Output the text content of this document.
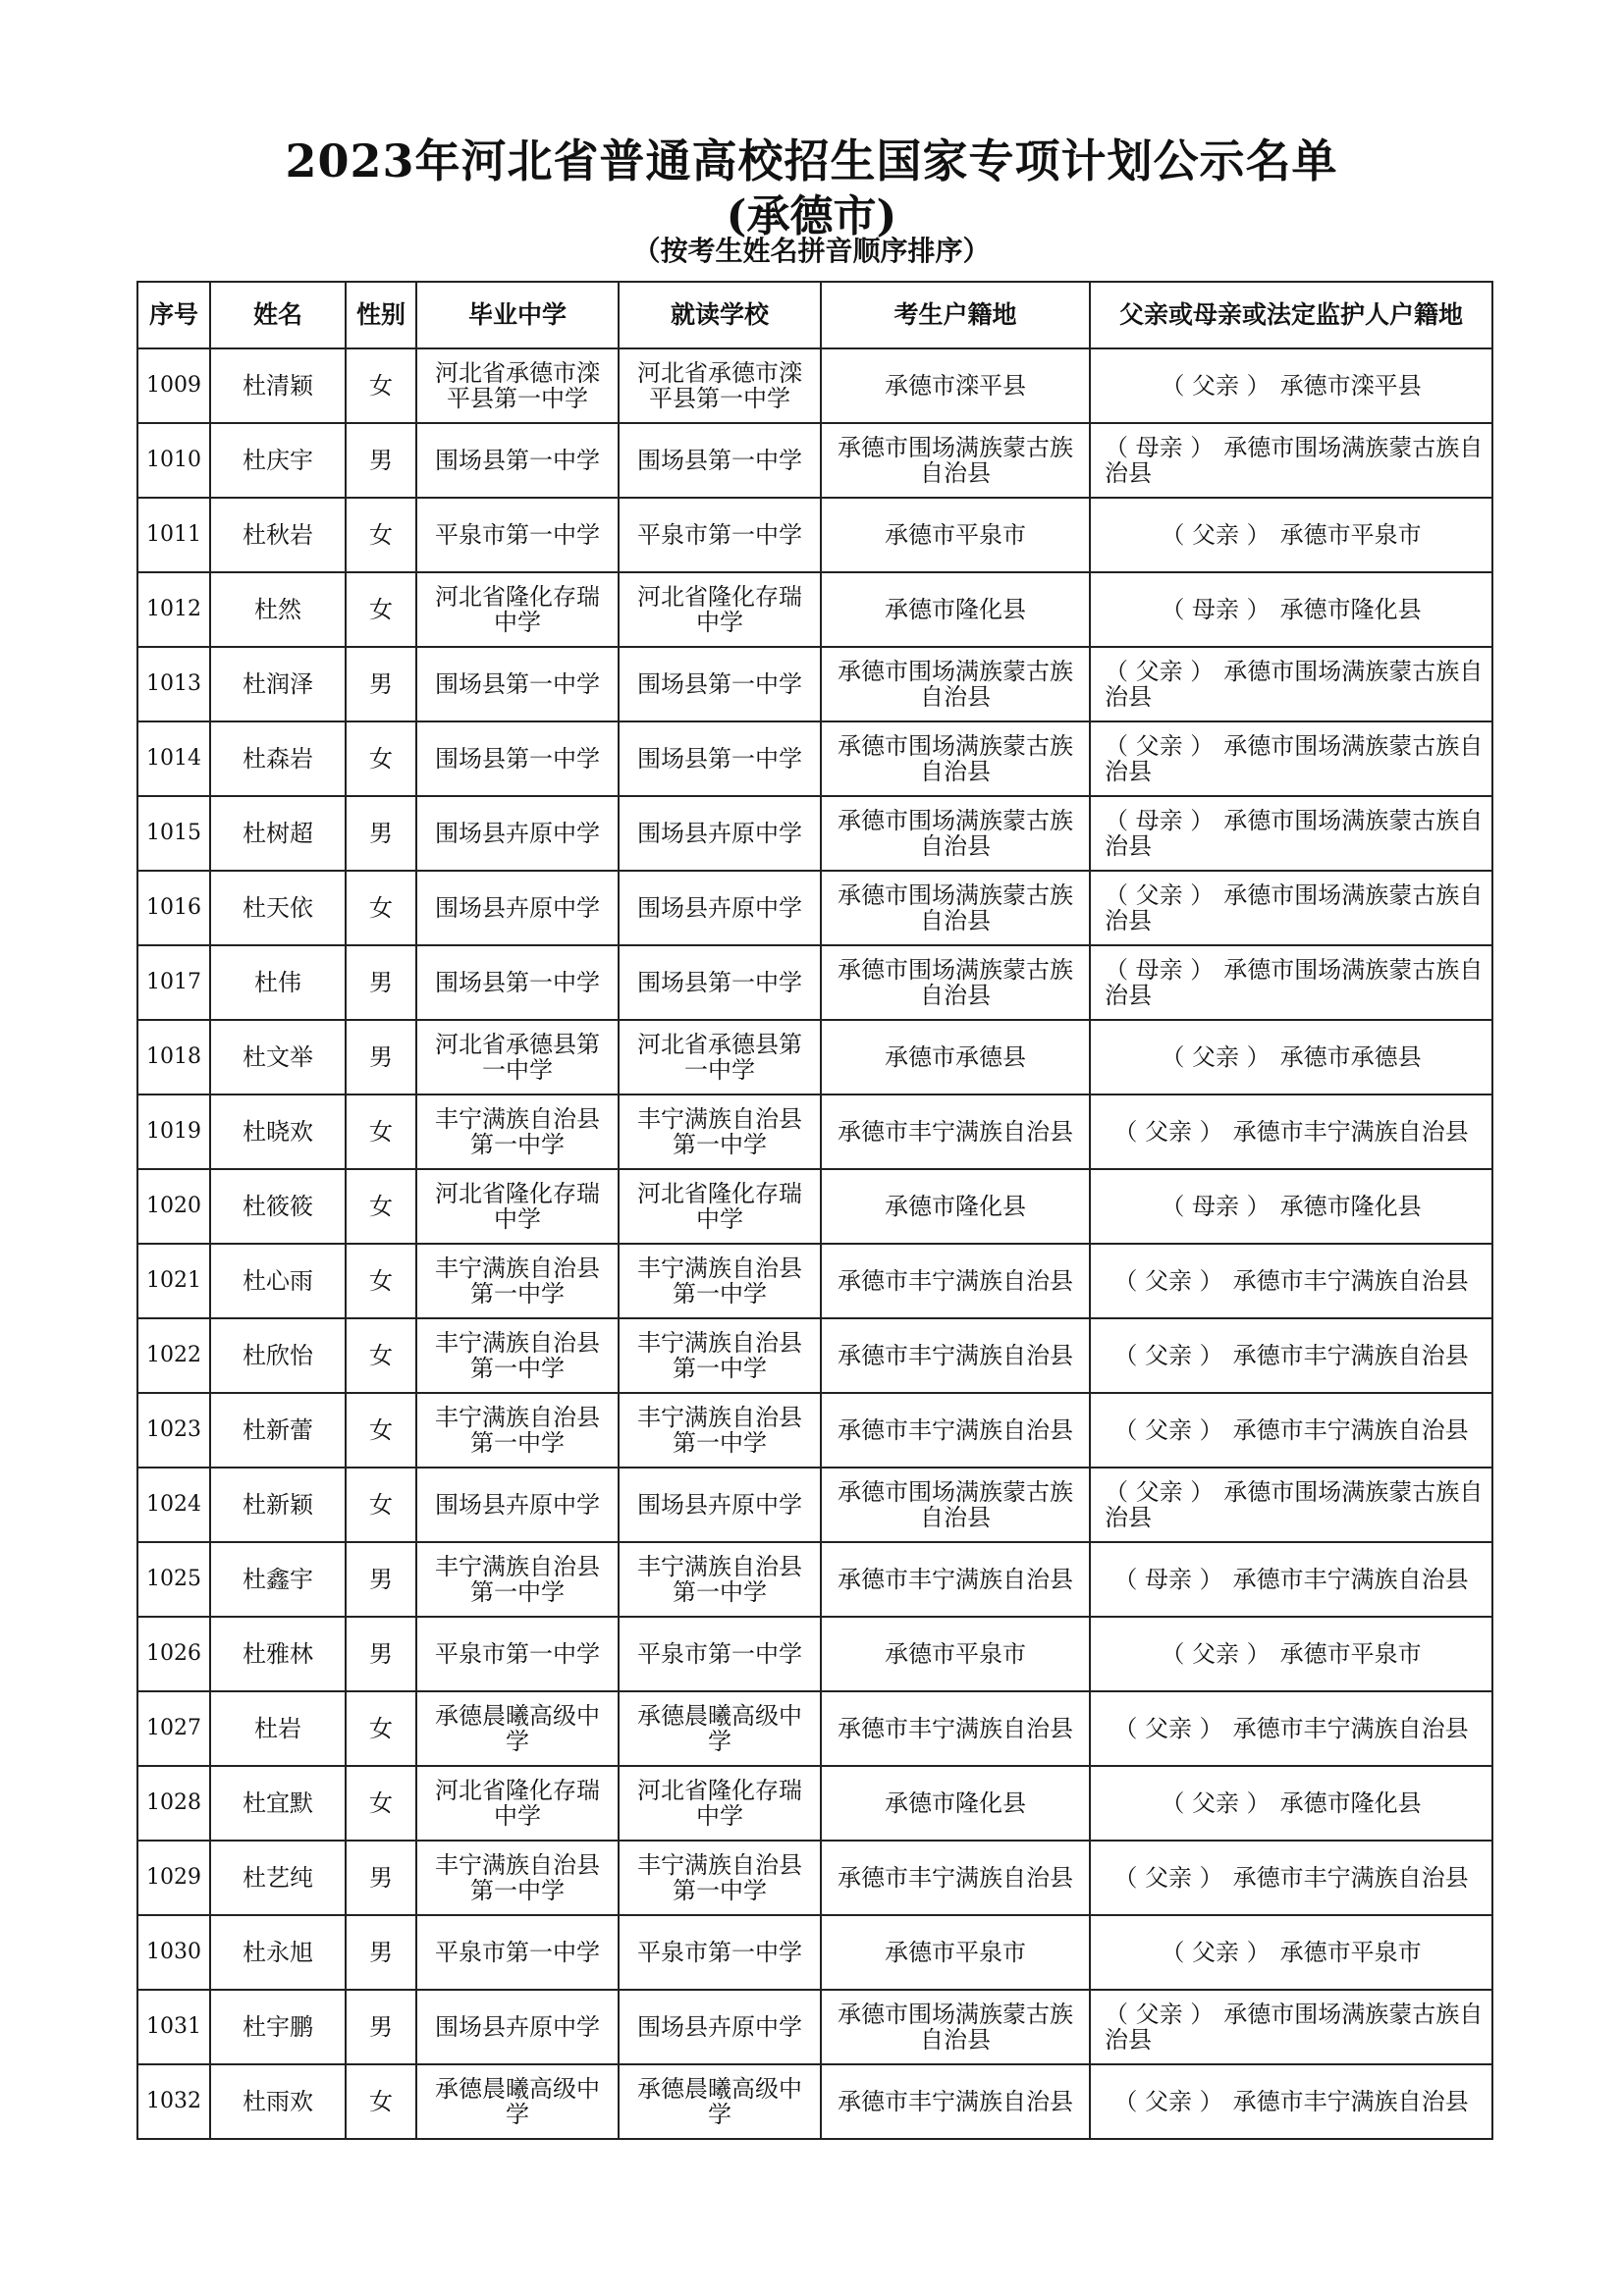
2023年河北省普通高校招生国家专项计划公示名单
(承德市)
（按考生姓名拼音顺序排序）
序号	姓名	性别	毕业中学	就读学校	考生户籍地	父亲或母亲或法定监护人户籍地
1009	杜清颖	女	河北省承德市滦平县第一中学	河北省承德市滦平县第一中学	承德市滦平县	（ 父亲 ） 承德市滦平县
1010	杜庆宇	男	围场县第一中学	围场县第一中学	承德市围场满族蒙古族自治县	（ 母亲 ） 承德市围场满族蒙古族自治县
1011	杜秋岩	女	平泉市第一中学	平泉市第一中学	承德市平泉市	（ 父亲 ） 承德市平泉市
1012	杜然	女	河北省隆化存瑞中学	河北省隆化存瑞中学	承德市隆化县	（ 母亲 ） 承德市隆化县
1013	杜润泽	男	围场县第一中学	围场县第一中学	承德市围场满族蒙古族自治县	（ 父亲 ） 承德市围场满族蒙古族自治县
1014	杜森岩	女	围场县第一中学	围场县第一中学	承德市围场满族蒙古族自治县	（ 父亲 ） 承德市围场满族蒙古族自治县
1015	杜树超	男	围场县卉原中学	围场县卉原中学	承德市围场满族蒙古族自治县	（ 母亲 ） 承德市围场满族蒙古族自治县
1016	杜天依	女	围场县卉原中学	围场县卉原中学	承德市围场满族蒙古族自治县	（ 父亲 ） 承德市围场满族蒙古族自治县
1017	杜伟	男	围场县第一中学	围场县第一中学	承德市围场满族蒙古族自治县	（ 母亲 ） 承德市围场满族蒙古族自治县
1018	杜文举	男	河北省承德县第一中学	河北省承德县第一中学	承德市承德县	（ 父亲 ） 承德市承德县
1019	杜晓欢	女	丰宁满族自治县第一中学	丰宁满族自治县第一中学	承德市丰宁满族自治县	（ 父亲 ） 承德市丰宁满族自治县
1020	杜筱筱	女	河北省隆化存瑞中学	河北省隆化存瑞中学	承德市隆化县	（ 母亲 ） 承德市隆化县
1021	杜心雨	女	丰宁满族自治县第一中学	丰宁满族自治县第一中学	承德市丰宁满族自治县	（ 父亲 ） 承德市丰宁满族自治县
1022	杜欣怡	女	丰宁满族自治县第一中学	丰宁满族自治县第一中学	承德市丰宁满族自治县	（ 父亲 ） 承德市丰宁满族自治县
1023	杜新蕾	女	丰宁满族自治县第一中学	丰宁满族自治县第一中学	承德市丰宁满族自治县	（ 父亲 ） 承德市丰宁满族自治县
1024	杜新颖	女	围场县卉原中学	围场县卉原中学	承德市围场满族蒙古族自治县	（ 父亲 ） 承德市围场满族蒙古族自治县
1025	杜鑫宇	男	丰宁满族自治县第一中学	丰宁满族自治县第一中学	承德市丰宁满族自治县	（ 母亲 ） 承德市丰宁满族自治县
1026	杜雅林	男	平泉市第一中学	平泉市第一中学	承德市平泉市	（ 父亲 ） 承德市平泉市
1027	杜岩	女	承德晨曦高级中学	承德晨曦高级中学	承德市丰宁满族自治县	（ 父亲 ） 承德市丰宁满族自治县
1028	杜宜默	女	河北省隆化存瑞中学	河北省隆化存瑞中学	承德市隆化县	（ 父亲 ） 承德市隆化县
1029	杜艺纯	男	丰宁满族自治县第一中学	丰宁满族自治县第一中学	承德市丰宁满族自治县	（ 父亲 ） 承德市丰宁满族自治县
1030	杜永旭	男	平泉市第一中学	平泉市第一中学	承德市平泉市	（ 父亲 ） 承德市平泉市
1031	杜宇鹏	男	围场县卉原中学	围场县卉原中学	承德市围场满族蒙古族自治县	（ 父亲 ） 承德市围场满族蒙古族自治县
1032	杜雨欢	女	承德晨曦高级中学	承德晨曦高级中学	承德市丰宁满族自治县	（ 父亲 ） 承德市丰宁满族自治县
